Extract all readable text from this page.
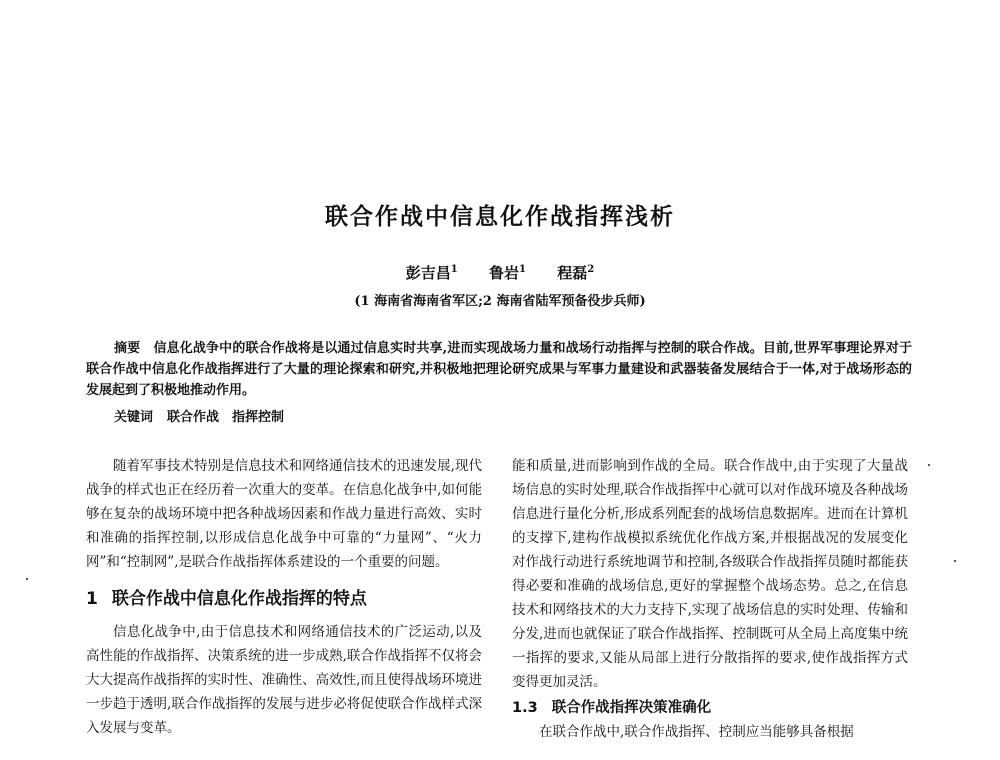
联合作战中信息化作战指挥浅析
彭吉昌$^1$ 鲁岩$^1$ 程磊$^2$
(1 海南省海南省军区;2 海南省陆军预备役步兵师)

摘要　 信息化战争中的联合作战将是以通过信息实时共享,进而实现战场力量和战场行动指挥与控制的联合作战。目前,世界军事理论界对于联合作战中信息化作战指挥进行了大量的理论探索和研究,并积极地把理论研究成果与军事力量建设和武器装备发展结合于一体,对于战场形态的发展起到了积极地推动作用。

关键词 联合作战　指挥控制

随着军事技术特别是信息技术和网络通信技术的迅速发展,现代战争的样式也正在经历着一次重大的变革。在信息化战争中,如何能够在复杂的战场环境中把各种战场因素和作战力量进行高效、实时和准确的指挥控制,以形成信息化战争中可靠的“力量网”、“火力网”和“控制网”,是联合作战指挥体系建设的一个重要的问题。

1 联合作战中信息化作战指挥的特点

信息化战争中,由于信息技术和网络通信技术的广泛运动,以及高性能的作战指挥、决策系统的进一步成熟,联合作战指挥不仅将会大大提高作战指挥的实时性、准确性、高效性,而且使得战场环境进一步趋于透明,联合作战指挥的发展与进步必将促使联合作战样式深入发展与变革。

能和质量,进而影响到作战的全局。联合作战中,由于实现了大量战场信息的实时处理,联合作战指挥中心就可以对作战环境及各种战场信息进行量化分析,形成系列配套的战场信息数据库。进而在计算机的支撑下,建构作战模拟系统优化作战方案,并根据战况的发展变化对作战行动进行系统地调节和控制,各级联合作战指挥员随时都能获得必要和准确的战场信息,更好的掌握整个战场态势。总之,在信息技术和网络技术的大力支持下,实现了战场信息的实时处理、传输和分发,进而也就保证了联合作战指挥、控制既可从全局上高度集中统一指挥的要求,又能从局部上进行分散指挥的要求,使作战指挥方式变得更加灵活。

1.3 联合作战指挥决策准确化

在联合作战中,联合作战指挥、控制应当能够具备根据
